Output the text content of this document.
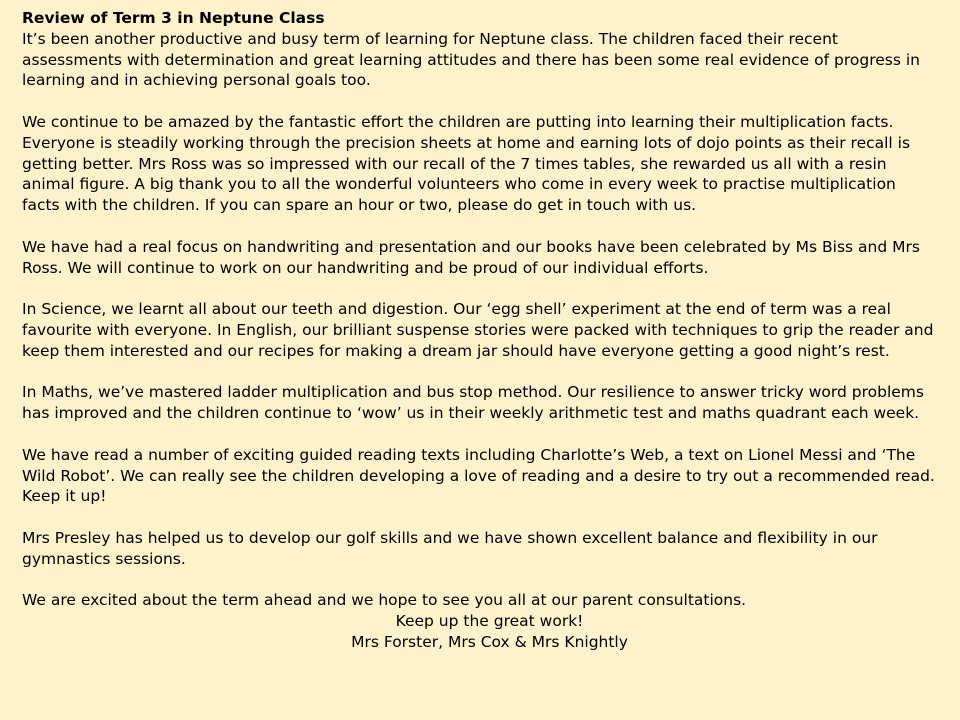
Review of Term 3 in Neptune Class

It’s been another productive and busy term of learning for Neptune class. The children faced their recent assessments with determination and great learning attitudes and there has been some real evidence of progress in learning and in achieving personal goals too.

We continue to be amazed by the fantastic effort the children are putting into learning their multiplication facts. Everyone is steadily working through the precision sheets at home and earning lots of dojo points as their recall is getting better. Mrs Ross was so impressed with our recall of the 7 times tables, she rewarded us all with a resin animal figure. A big thank you to all the wonderful volunteers who come in every week to practise multiplication facts with the children. If you can spare an hour or two, please do get in touch with us.

We have had a real focus on handwriting and presentation and our books have been celebrated by Ms Biss and Mrs Ross. We will continue to work on our handwriting and be proud of our individual efforts.

In Science, we learnt all about our teeth and digestion. Our ‘egg shell’ experiment at the end of term was a real favourite with everyone. In English, our brilliant suspense stories were packed with techniques to grip the reader and keep them interested and our recipes for making a dream jar should have everyone getting a good night’s rest.

In Maths, we’ve mastered ladder multiplication and bus stop method. Our resilience to answer tricky word problems has improved and the children continue to ‘wow’ us in their weekly arithmetic test and maths quadrant each week.

We have read a number of exciting guided reading texts including Charlotte’s Web, a text on Lionel Messi and ‘The Wild Robot’. We can really see the children developing a love of reading and a desire to try out a recommended read. Keep it up!

Mrs Presley has helped us to develop our golf skills and we have shown excellent balance and flexibility in our gymnastics sessions.

We are excited about the term ahead and we hope to see you all at our parent consultations.

Keep up the great work!

Mrs Forster, Mrs Cox & Mrs Knightly
